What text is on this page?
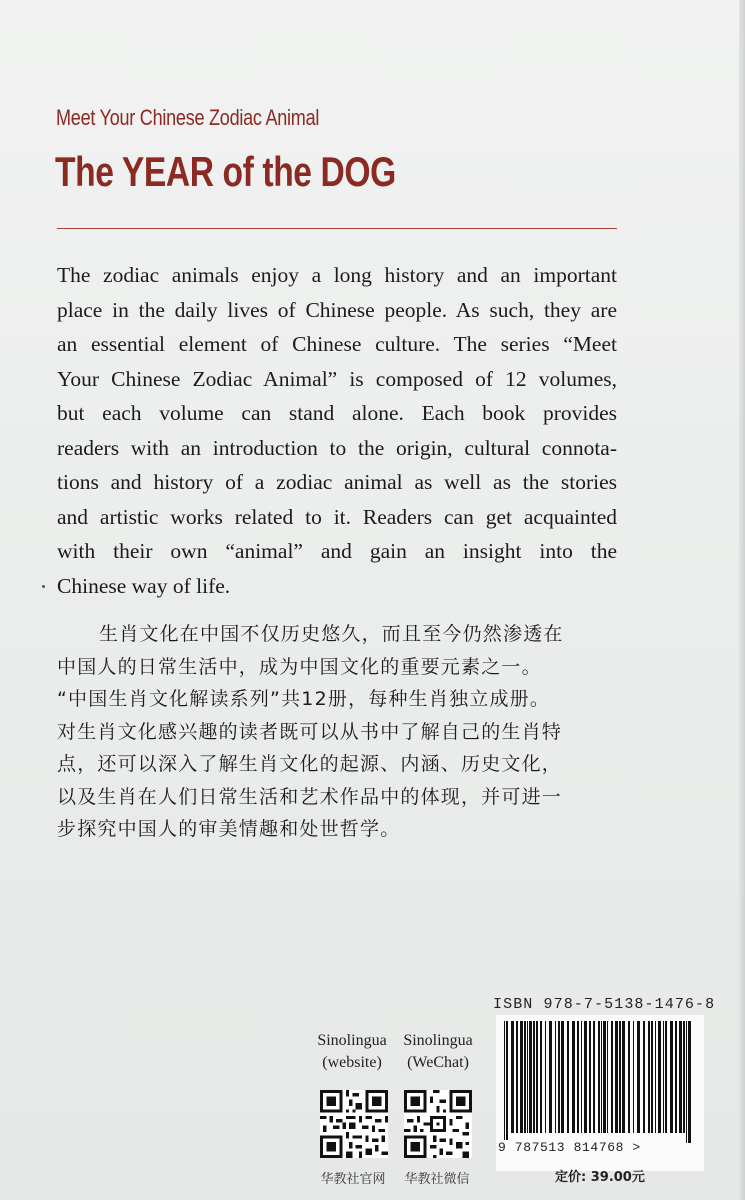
Meet Your Chinese Zodiac Animal
The YEAR of the DOG
The zodiac animals enjoy a long history and an important
place in the daily lives of Chinese people. As such, they are
an essential element of Chinese culture. The series “Meet
Your Chinese Zodiac Animal” is composed of 12 volumes,
but each volume can stand alone. Each book provides
readers with an introduction to the origin, cultural connota-
tions and history of a zodiac animal as well as the stories
and artistic works related to it. Readers can get acquainted
with their own “animal” and gain an insight into the
Chinese way of life.
生肖文化在中国不仅历史悠久，而且至今仍然渗透在
中国人的日常生活中，成为中国文化的重要元素之一。
“中国生肖文化解读系列”共12册，每种生肖独立成册。
对生肖文化感兴趣的读者既可以从书中了解自己的生肖特
点，还可以深入了解生肖文化的起源、内涵、历史文化，
以及生肖在人们日常生活和艺术作品中的体现，并可进一
步探究中国人的审美情趣和处世哲学。
Sinolingua
(website)
Sinolingua
(WeChat)
华教社官网	华教社微信
ISBN 978-7-5138-1476-8
9 787513 814768 >
定价: 39.00元
